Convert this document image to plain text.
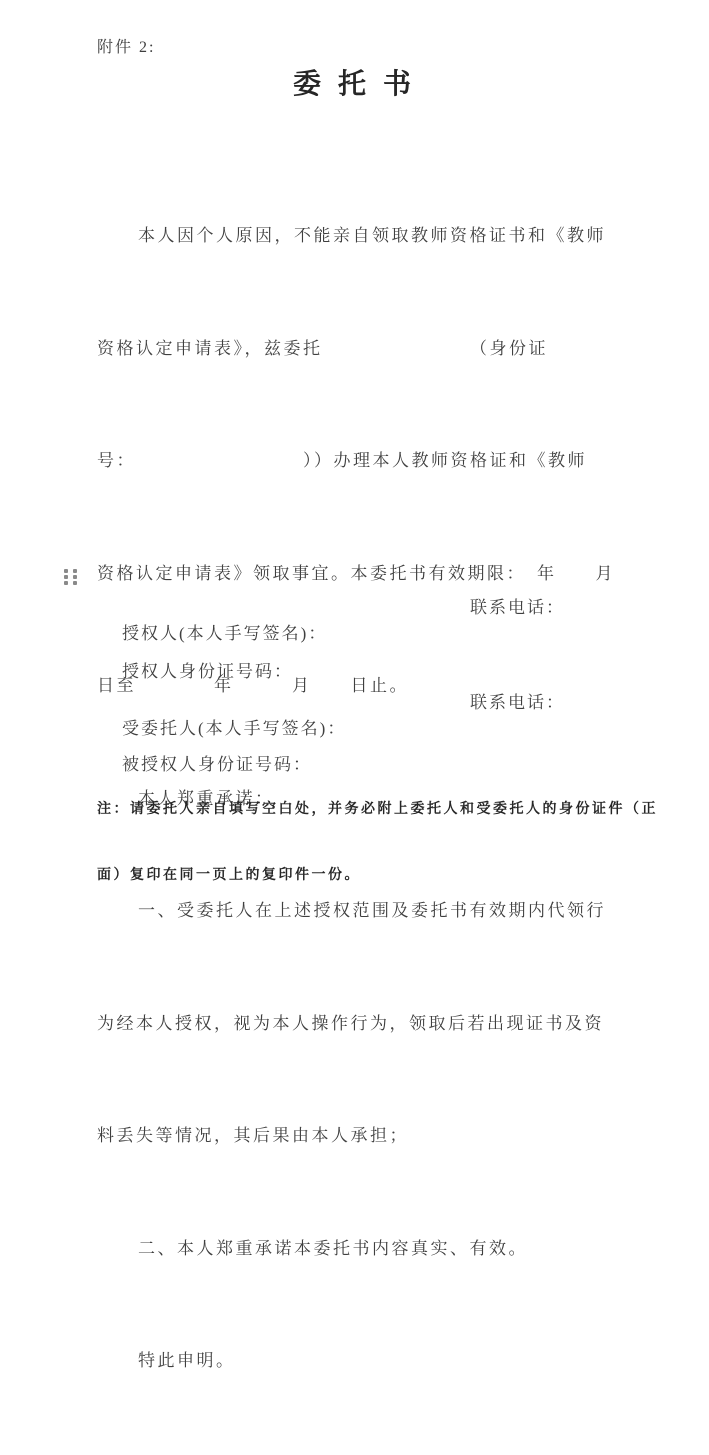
附件 2:
委 托 书

本人因个人原因，不能亲自领取教师资格证书和《教师

资格认定申请表》，兹委托　　　　　　　　（身份证

号：　　　　　　　　　））办理本人教师资格证和《教师

资格认定申请表》领取事宜。本委托书有效期限：　年　　月

日至　　　　年　　　月　　日止。

本人郑重承诺：

一、受委托人在上述授权范围及委托书有效期内代领行

为经本人授权，视为本人操作行为，领取后若出现证书及资

料丢失等情况，其后果由本人承担；

二、本人郑重承诺本委托书内容真实、有效。

特此申明。

授权人(本人手写签名)：

联系电话：

授权人身份证号码：

受委托人(本人手写签名)：

联系电话：

被授权人身份证号码：

注：请委托人亲自填写空白处，并务必附上委托人和受委托人的身份证件（正

面）复印在同一页上的复印件一份。
